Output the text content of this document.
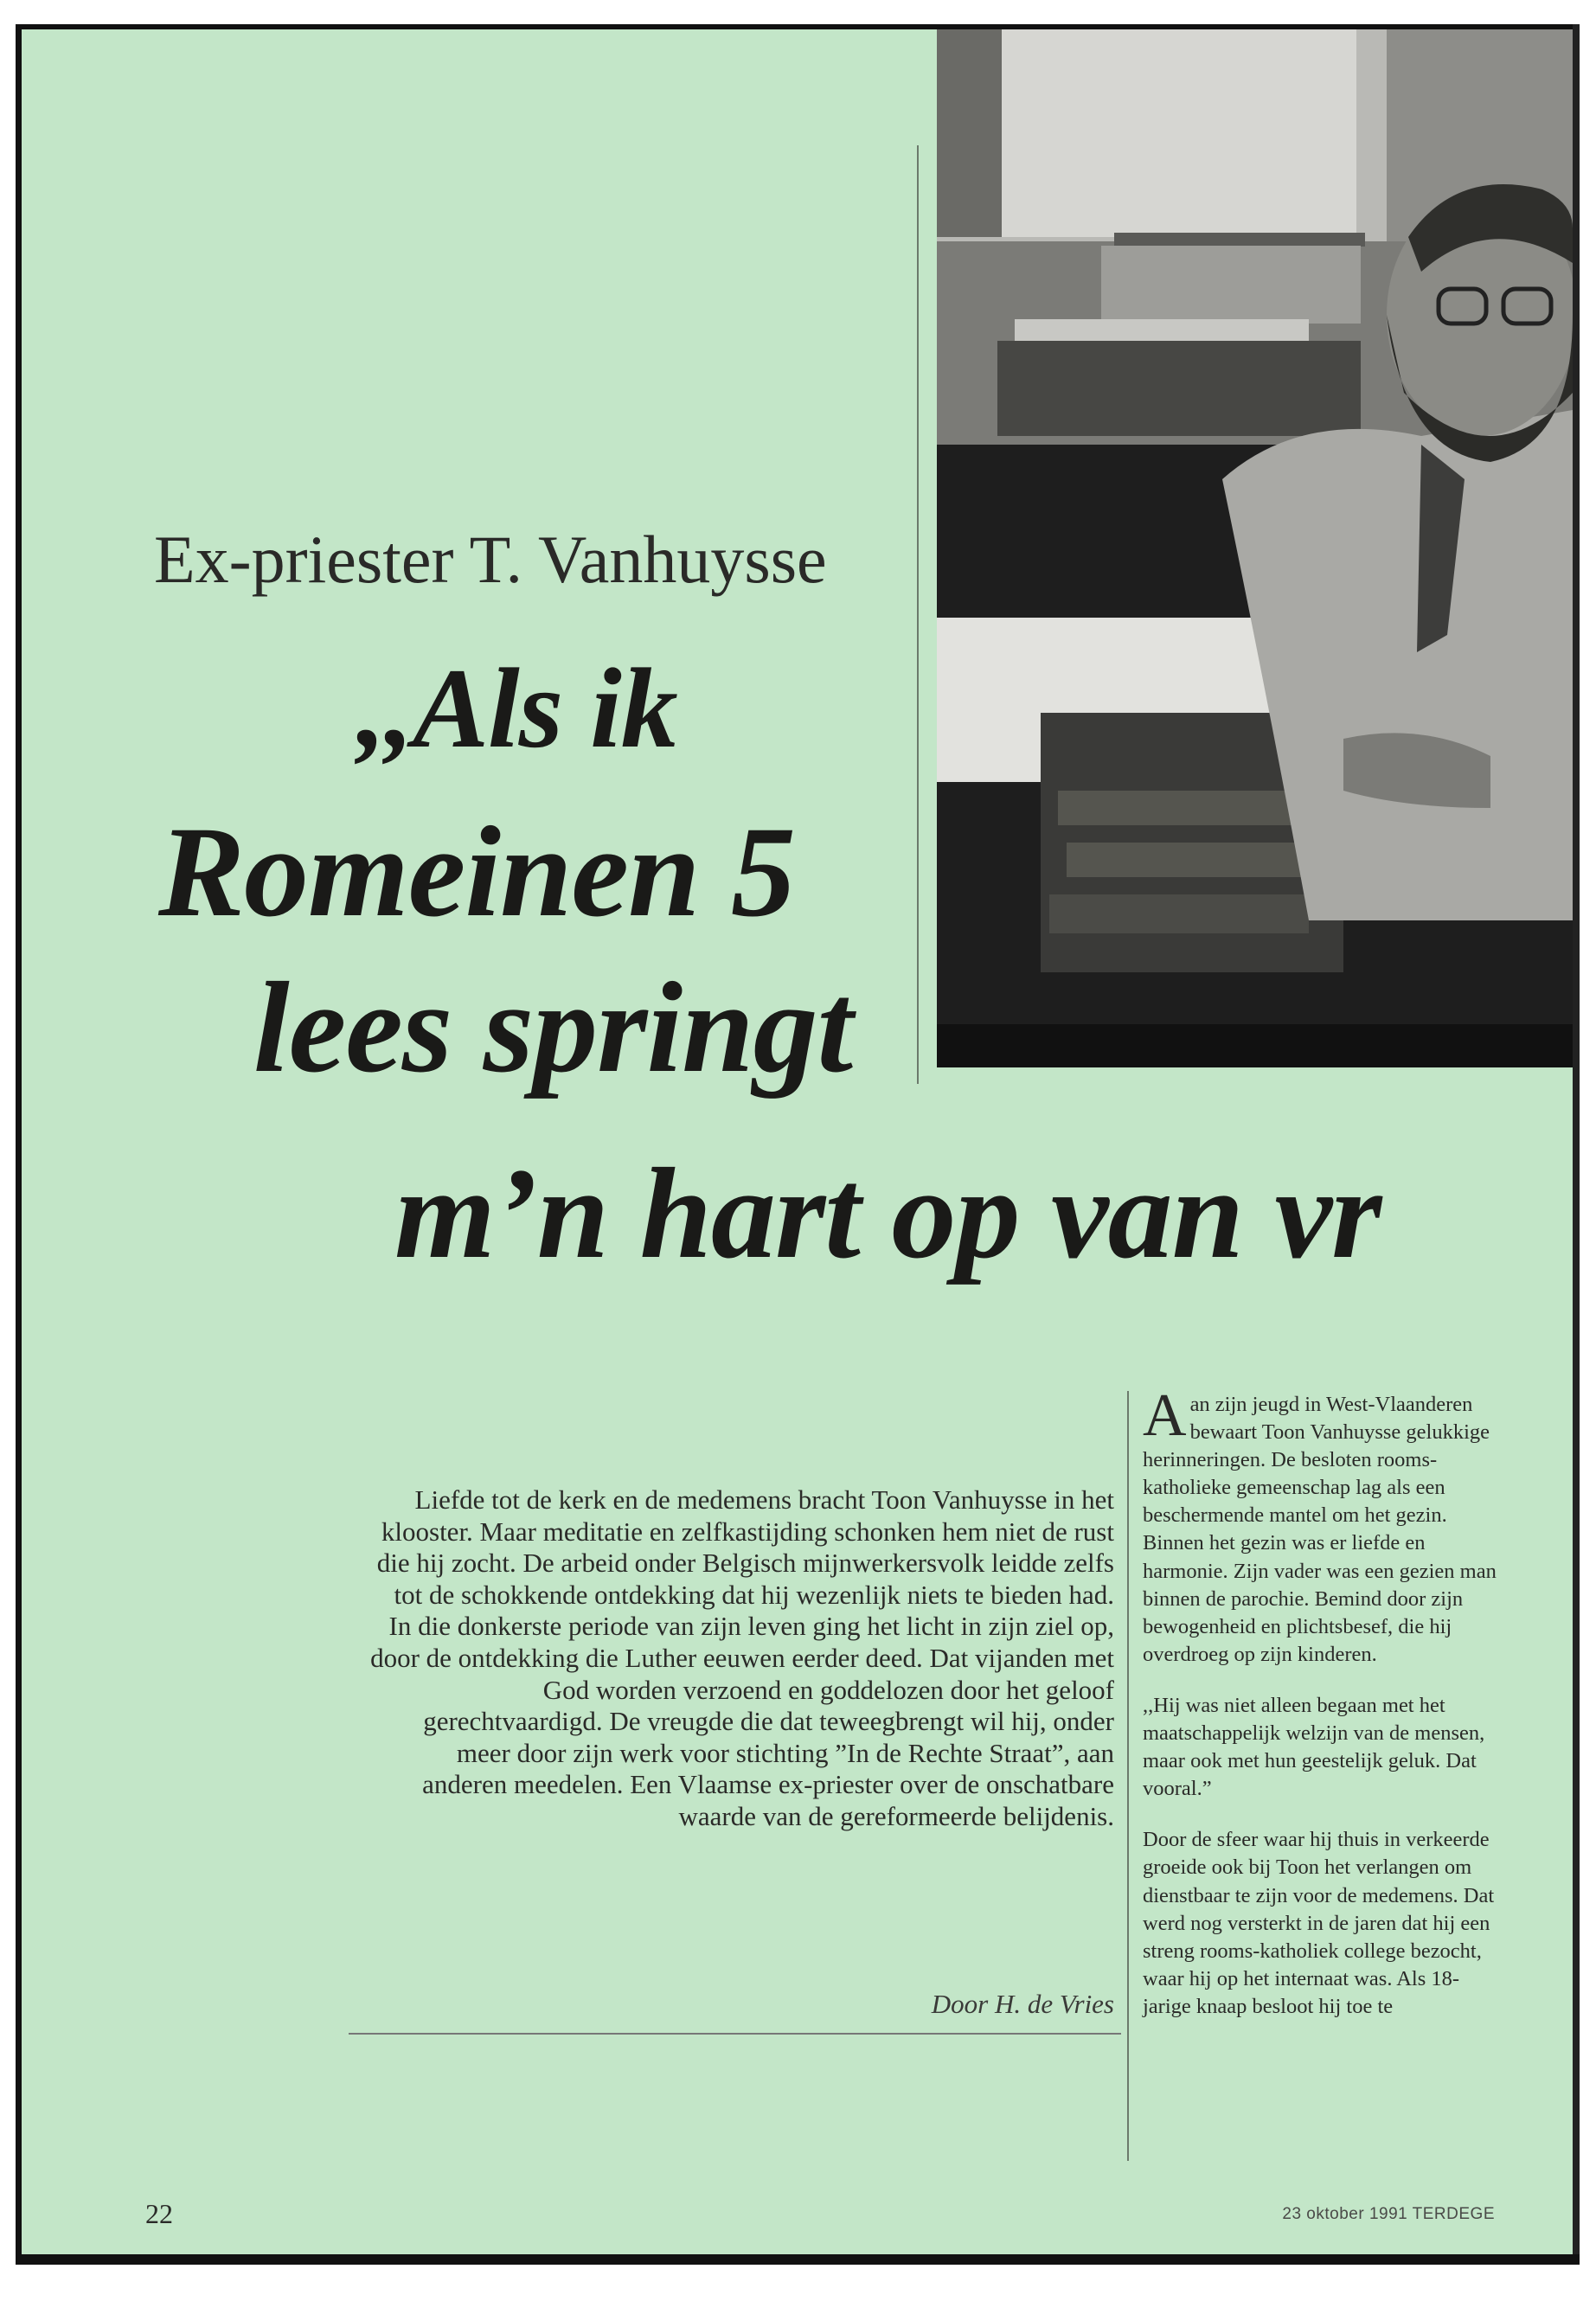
Ex-priester T. Vanhuysse
,,Als ik
Romeinen 5
lees springt
m’n hart op van vr

Liefde tot de kerk en de medemens bracht Toon Vanhuysse in het klooster. Maar meditatie en zelfkastijding schonken hem niet de rust die hij zocht. De arbeid onder Belgisch mijnwerkersvolk leidde zelfs tot de schokkende ontdekking dat hij wezenlijk niets te bieden had. In die donkerste periode van zijn leven ging het licht in zijn ziel op, door de ontdekking die Luther eeuwen eerder deed. Dat vijanden met God worden verzoend en goddelozen door het geloof gerechtvaardigd. De vreugde die dat teweegbrengt wil hij, onder meer door zijn werk voor stichting ”In de Rechte Straat”, aan anderen meedelen. Een Vlaamse ex-priester over de onschatbare waarde van de gereformeerde belijdenis.

Door H. de Vries

Aan zijn jeugd in West-Vlaanderen bewaart Toon Vanhuysse gelukkige herinneringen. De besloten rooms-katholieke gemeenschap lag als een beschermende mantel om het gezin. Binnen het gezin was er liefde en harmonie. Zijn vader was een gezien man binnen de parochie. Bemind door zijn bewogenheid en plichtsbesef, die hij overdroeg op zijn kinderen.

,,Hij was niet alleen begaan met het maatschappelijk welzijn van de mensen, maar ook met hun geestelijk geluk. Dat vooral.”

Door de sfeer waar hij thuis in verkeerde groeide ook bij Toon het verlangen om dienstbaar te zijn voor de medemens. Dat werd nog versterkt in de jaren dat hij een streng rooms-katholiek college bezocht, waar hij op het internaat was. Als 18-jarige knaap besloot hij toe te

22	23 oktober 1991 TERDEGE
